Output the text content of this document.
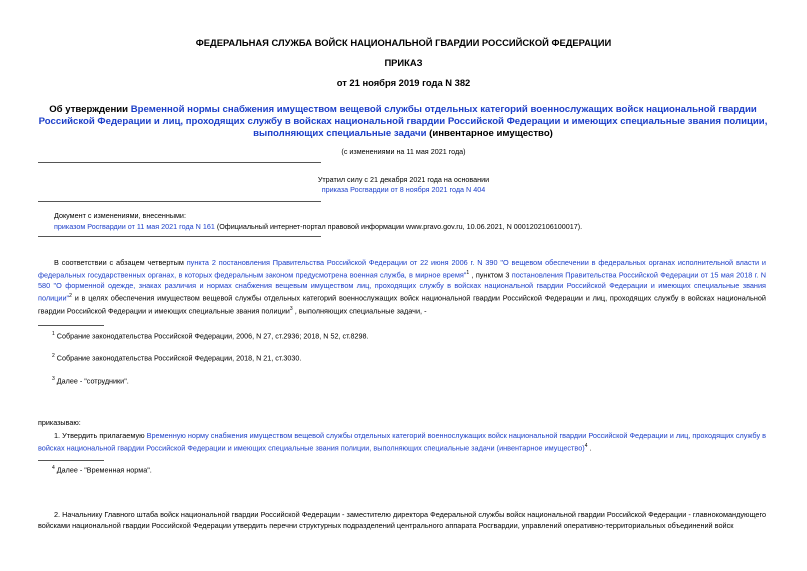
ФЕДЕРАЛЬНАЯ СЛУЖБА ВОЙСК НАЦИОНАЛЬНОЙ ГВАРДИИ РОССИЙСКОЙ ФЕДЕРАЦИИ
ПРИКАЗ
от 21 ноября 2019 года N 382
Об утверждении Временной нормы снабжения имуществом вещевой службы отдельных категорий военнослужащих войск национальной гвардии Российской Федерации и лиц, проходящих службу в войсках национальной гвардии Российской Федерации и имеющих специальные звания полиции, выполняющих специальные задачи (инвентарное имущество)
(с изменениями на 11 мая 2021 года)
Утратил силу с 21 декабря 2021 года на основании
приказа Росгвардии от 8 ноября 2021 года N 404
Документ с изменениями, внесенными:
приказом Росгвардии от 11 мая 2021 года N 161 (Официальный интернет-портал правовой информации www.pravo.gov.ru, 10.06.2021, N 0001202106100017).
В соответствии с абзацем четвертым пункта 2 постановления Правительства Российской Федерации от 22 июня 2006 г. N 390 "О вещевом обеспечении в федеральных органах исполнительной власти и федеральных государственных органах, в которых федеральным законом предусмотрена военная служба, в мирное время"$^1$ , пунктом 3 постановления Правительства Российской Федерации от 15 мая 2018 г. N 580 "О форменной одежде, знаках различия и нормах снабжения вещевым имуществом лиц, проходящих службу в войсках национальной гвардии Российской Федерации и имеющих специальные звания полиции"$^2$ и в целях обеспечения имуществом вещевой службы отдельных категорий военнослужащих войск национальной гвардии Российской Федерации и лиц, проходящих службу в войсках национальной гвардии Российской Федерации и имеющих специальные звания полиции$^3$ , выполняющих специальные задачи, -
$^1$ Собрание законодательства Российской Федерации, 2006, N 27, ст.2936; 2018, N 52, ст.8298.
$^2$ Собрание законодательства Российской Федерации, 2018, N 21, ст.3030.
$^3$ Далее - "сотрудники".
приказываю:
1. Утвердить прилагаемую Временную норму снабжения имуществом вещевой службы отдельных категорий военнослужащих войск национальной гвардии Российской Федерации и лиц, проходящих службу в войсках национальной гвардии Российской Федерации и имеющих специальные звания полиции, выполняющих специальные задачи (инвентарное имущество)$^4$ .
$^4$ Далее - "Временная норма".
2. Начальнику Главного штаба войск национальной гвардии Российской Федерации - заместителю директора Федеральной службы войск национальной гвардии Российской Федерации - главнокомандующего войсками национальной гвардии Российской Федерации утвердить перечни структурных подразделений центрального аппарата Росгвардии, управлений оперативно-территориальных объединений войск
